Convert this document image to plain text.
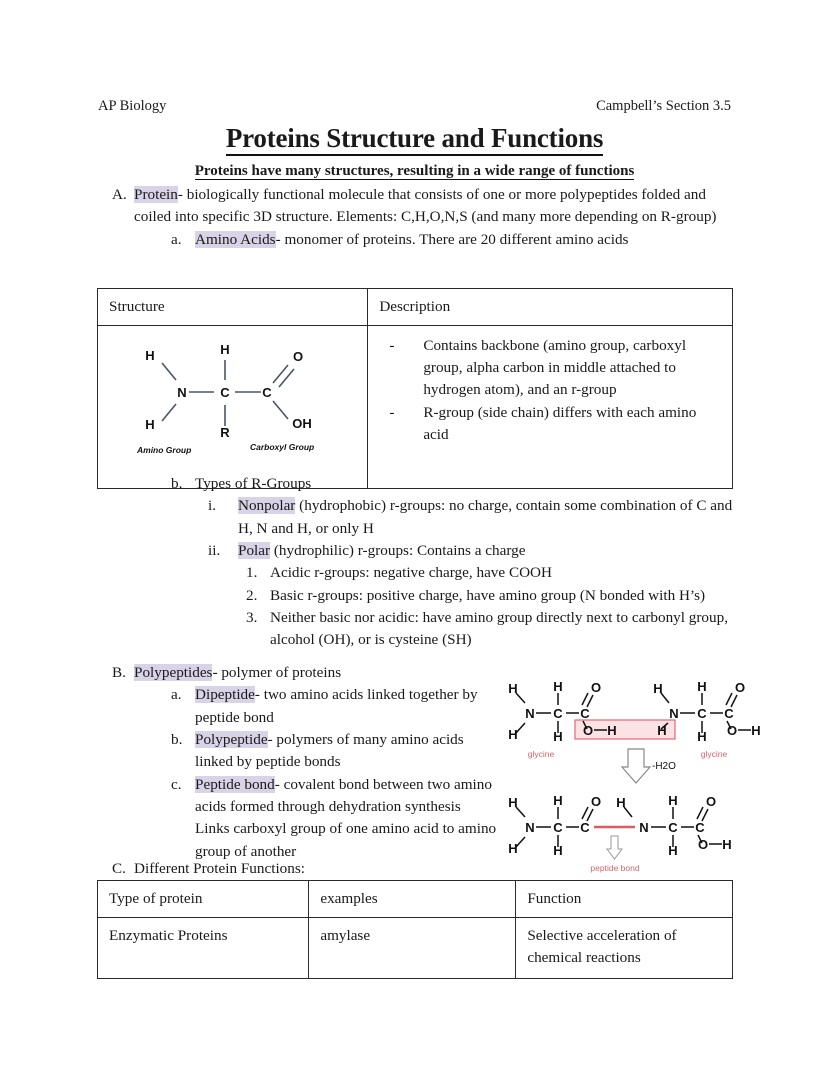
AP Biology	Campbell’s Section 3.5
Proteins Structure and Functions
Proteins have many structures, resulting in a wide range of functions
A. Protein- biologically functional molecule that consists of one or more polypeptides folded and coiled into specific 3D structure. Elements: C,H,O,N,S (and many more depending on R-group)
a. Amino Acids- monomer of proteins. There are 20 different amino acids
Structure	Description

- Contains backbone (amino group, carboxyl group, alpha carbon in middle attached to hydrogen atom), and an r-group
- R-group (side chain) differs with each amino acid
H
N
H
H
C
R
C
O
OH
Amino Group	Carboxyl Group
b. Types of R-Groups
i.	Nonpolar (hydrophobic) r-groups: no charge, contain some combination of C and H, N and H, or only H
ii.	Polar (hydrophilic) r-groups: Contains a charge
1. Acidic r-groups: negative charge, have COOH
2. Basic r-groups: positive charge, have amino group (N bonded with H’s)
3. Neither basic nor acidic: have amino group directly next to carbonyl group, alcohol (OH), or is cysteine (SH)
B. Polypeptides- polymer of proteins
a. Dipeptide- two amino acids linked together by peptide bond
b. Polypeptide- polymers of many amino acids linked by peptide bonds
c. Peptide bond- covalent bond between two amino acids formed through dehydration synthesis Links carboxyl group of one amino acid to amino group of another
C. Different Protein Functions:
H
N
H
H
C
H
C
O
O H	H
H
N
H
C
H
C
O
O H
glycine	glycine
-H2O
H
N
H
H
C
H
C
O H
N
H
C
H
C
O
O H
peptide bond
Type of protein	examples	Function
Enzymatic Proteins	amylase	Selective acceleration of chemical reactions
